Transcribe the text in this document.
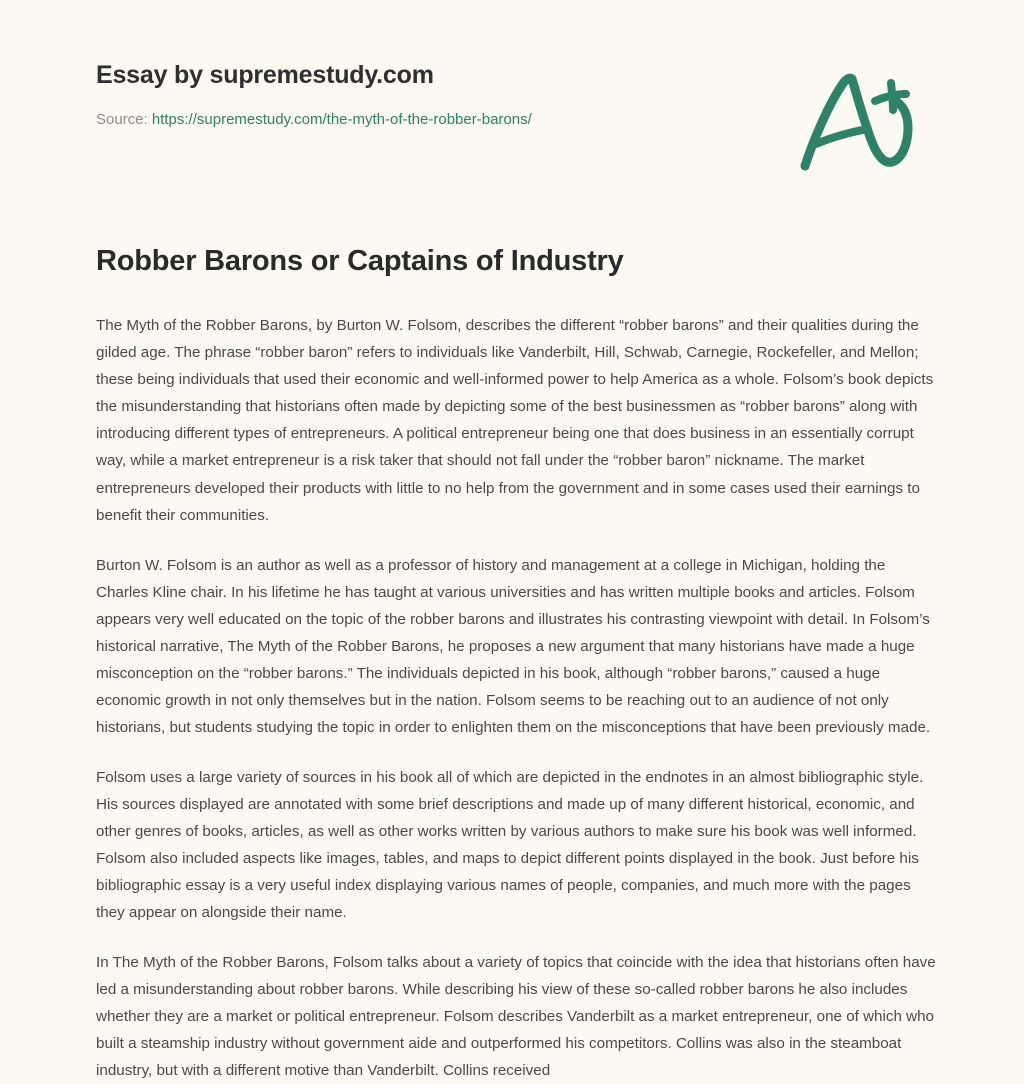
Essay by supremestudy.com
Source: https://supremestudy.com/the-myth-of-the-robber-barons/
Robber Barons or Captains of Industry

The Myth of the Robber Barons, by Burton W. Folsom, describes the different “robber barons” and their qualities during the gilded age. The phrase “robber baron” refers to individuals like Vanderbilt, Hill, Schwab, Carnegie, Rockefeller, and Mellon; these being individuals that used their economic and well-informed power to help America as a whole. Folsom’s book depicts the misunderstanding that historians often made by depicting some of the best businessmen as “robber barons” along with introducing different types of entrepreneurs. A political entrepreneur being one that does business in an essentially corrupt way, while a market entrepreneur is a risk taker that should not fall under the “robber baron” nickname. The market entrepreneurs developed their products with little to no help from the government and in some cases used their earnings to benefit their communities.

Burton W. Folsom is an author as well as a professor of history and management at a college in Michigan, holding the Charles Kline chair. In his lifetime he has taught at various universities and has written multiple books and articles. Folsom appears very well educated on the topic of the robber barons and illustrates his contrasting viewpoint with detail. In Folsom’s historical narrative, The Myth of the Robber Barons, he proposes a new argument that many historians have made a huge misconception on the “robber barons.” The individuals depicted in his book, although “robber barons,” caused a huge economic growth in not only themselves but in the nation. Folsom seems to be reaching out to an audience of not only historians, but students studying the topic in order to enlighten them on the misconceptions that have been previously made.

Folsom uses a large variety of sources in his book all of which are depicted in the endnotes in an almost bibliographic style. His sources displayed are annotated with some brief descriptions and made up of many different historical, economic, and other genres of books, articles, as well as other works written by various authors to make sure his book was well informed. Folsom also included aspects like images, tables, and maps to depict different points displayed in the book. Just before his bibliographic essay is a very useful index displaying various names of people, companies, and much more with the pages they appear on alongside their name.

In The Myth of the Robber Barons, Folsom talks about a variety of topics that coincide with the idea that historians often have led a misunderstanding about robber barons. While describing his view of these so-called robber barons he also includes whether they are a market or political entrepreneur. Folsom describes Vanderbilt as a market entrepreneur, one of which who built a steamship industry without government aide and outperformed his competitors. Collins was also in the steamboat industry, but with a different motive than Vanderbilt. Collins received
